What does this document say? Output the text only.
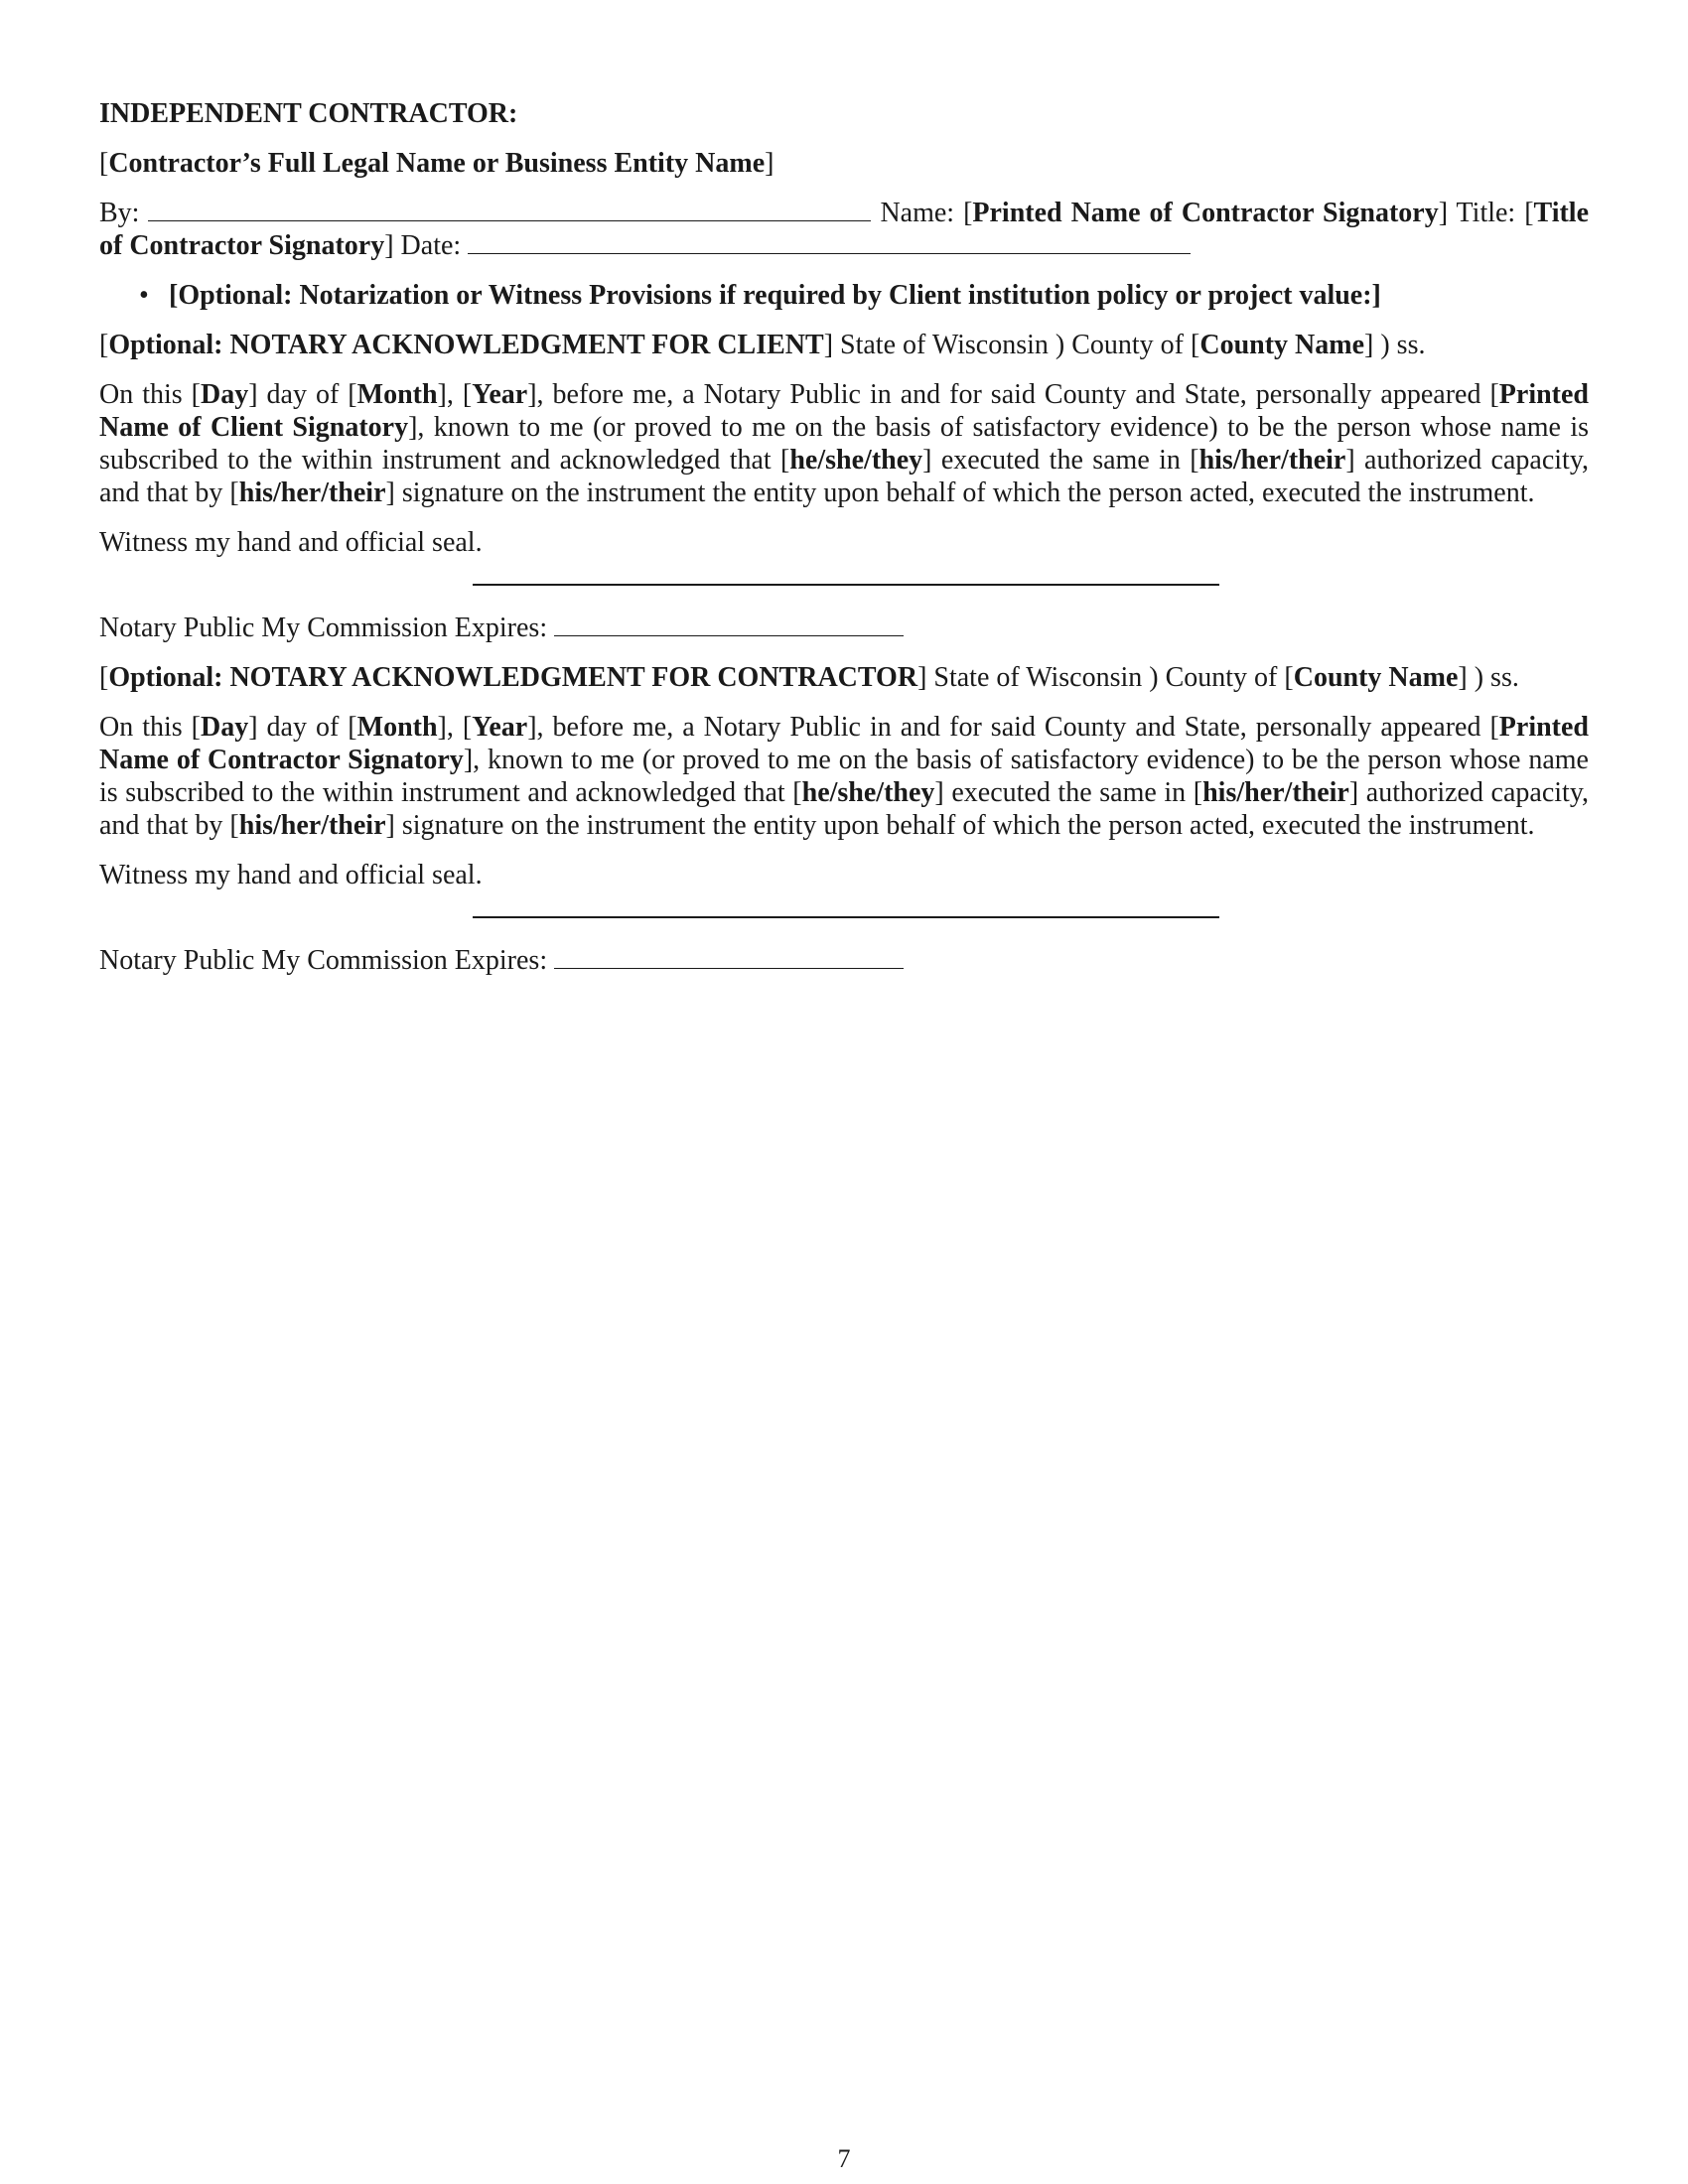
INDEPENDENT CONTRACTOR:

[Contractor’s Full Legal Name or Business Entity Name]

By:	Name: [Printed Name of Contractor Signatory] Title: [Title of Contractor Signatory] Date:

• [Optional: Notarization or Witness Provisions if required by Client institution policy or project value:]

[Optional: NOTARY ACKNOWLEDGMENT FOR CLIENT] State of Wisconsin ) County of [County Name] ) ss.

On this [Day] day of [Month], [Year], before me, a Notary Public in and for said County and State, personally appeared [Printed Name of Client Signatory], known to me (or proved to me on the basis of satisfactory evidence) to be the person whose name is subscribed to the within instrument and acknowledged that [he/she/they] executed the same in [his/her/their] authorized capacity, and that by [his/her/their] signature on the instrument the entity upon behalf of which the person acted, executed the instrument.

Witness my hand and official seal.

Notary Public My Commission Expires:

[Optional: NOTARY ACKNOWLEDGMENT FOR CONTRACTOR] State of Wisconsin ) County of [County Name] ) ss.

On this [Day] day of [Month], [Year], before me, a Notary Public in and for said County and State, personally appeared [Printed Name of Contractor Signatory], known to me (or proved to me on the basis of satisfactory evidence) to be the person whose name is subscribed to the within instrument and acknowledged that [he/she/they] executed the same in [his/her/their] authorized capacity, and that by [his/her/their] signature on the instrument the entity upon behalf of which the person acted, executed the instrument.

Witness my hand and official seal.

Notary Public My Commission Expires:

7
